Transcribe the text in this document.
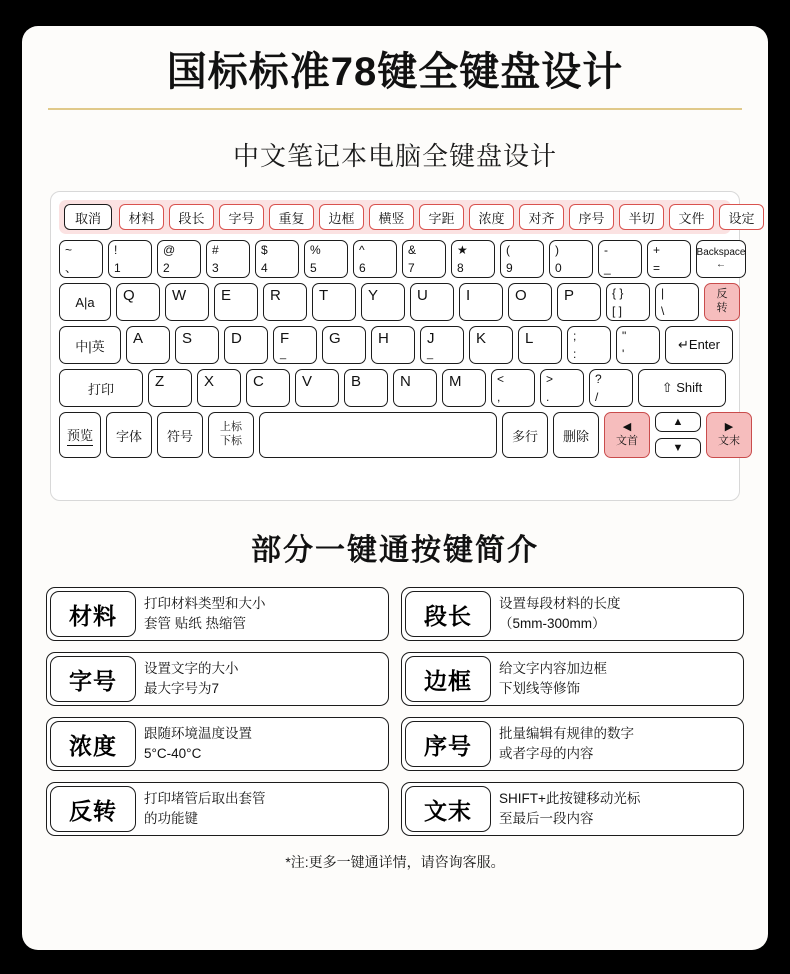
国标标准78键全键盘设计
中文笔记本电脑全键盘设计
取消	材料	段长	字号	重复	边框	横竖	字距	浓度	对齐	序号	半切	文件	设定
~
、
!
1
@
2
#
3
$
4
%
5
^
6
&
7
★
8
(
9
)
0
-
_
+
=
Backspace
←
A|a	Q	W	E	R	T	Y	U	I	O	P	{ }
[ ]
|
\
反
转
中|英	A	S	D	F
_
G	H	J
_
K	L	;
:
"
'
↵Enter
打印	Z	X	C	V	B	N	M	<
,
>
.
?
/
⇧ Shift
预览	字体	符号
上标
下标	多行	删除
◀
文首
▲
▼
▶
文末
部分一键通按键简介
材料	打印材料类型和大小
套管 贴纸 热缩管	段长	设置每段材料的长度
（5mm-300mm）
字号	设置文字的大小
最大字号为7	边框	给文字内容加边框
下划线等修饰
浓度	跟随环境温度设置
5°C-40°C	序号	批量编辑有规律的数字
或者字母的内容
反转	打印堵管后取出套管
的功能键	文末	SHIFT+此按键移动光标
至最后一段内容
*注:更多一键通详情，请咨询客服。
